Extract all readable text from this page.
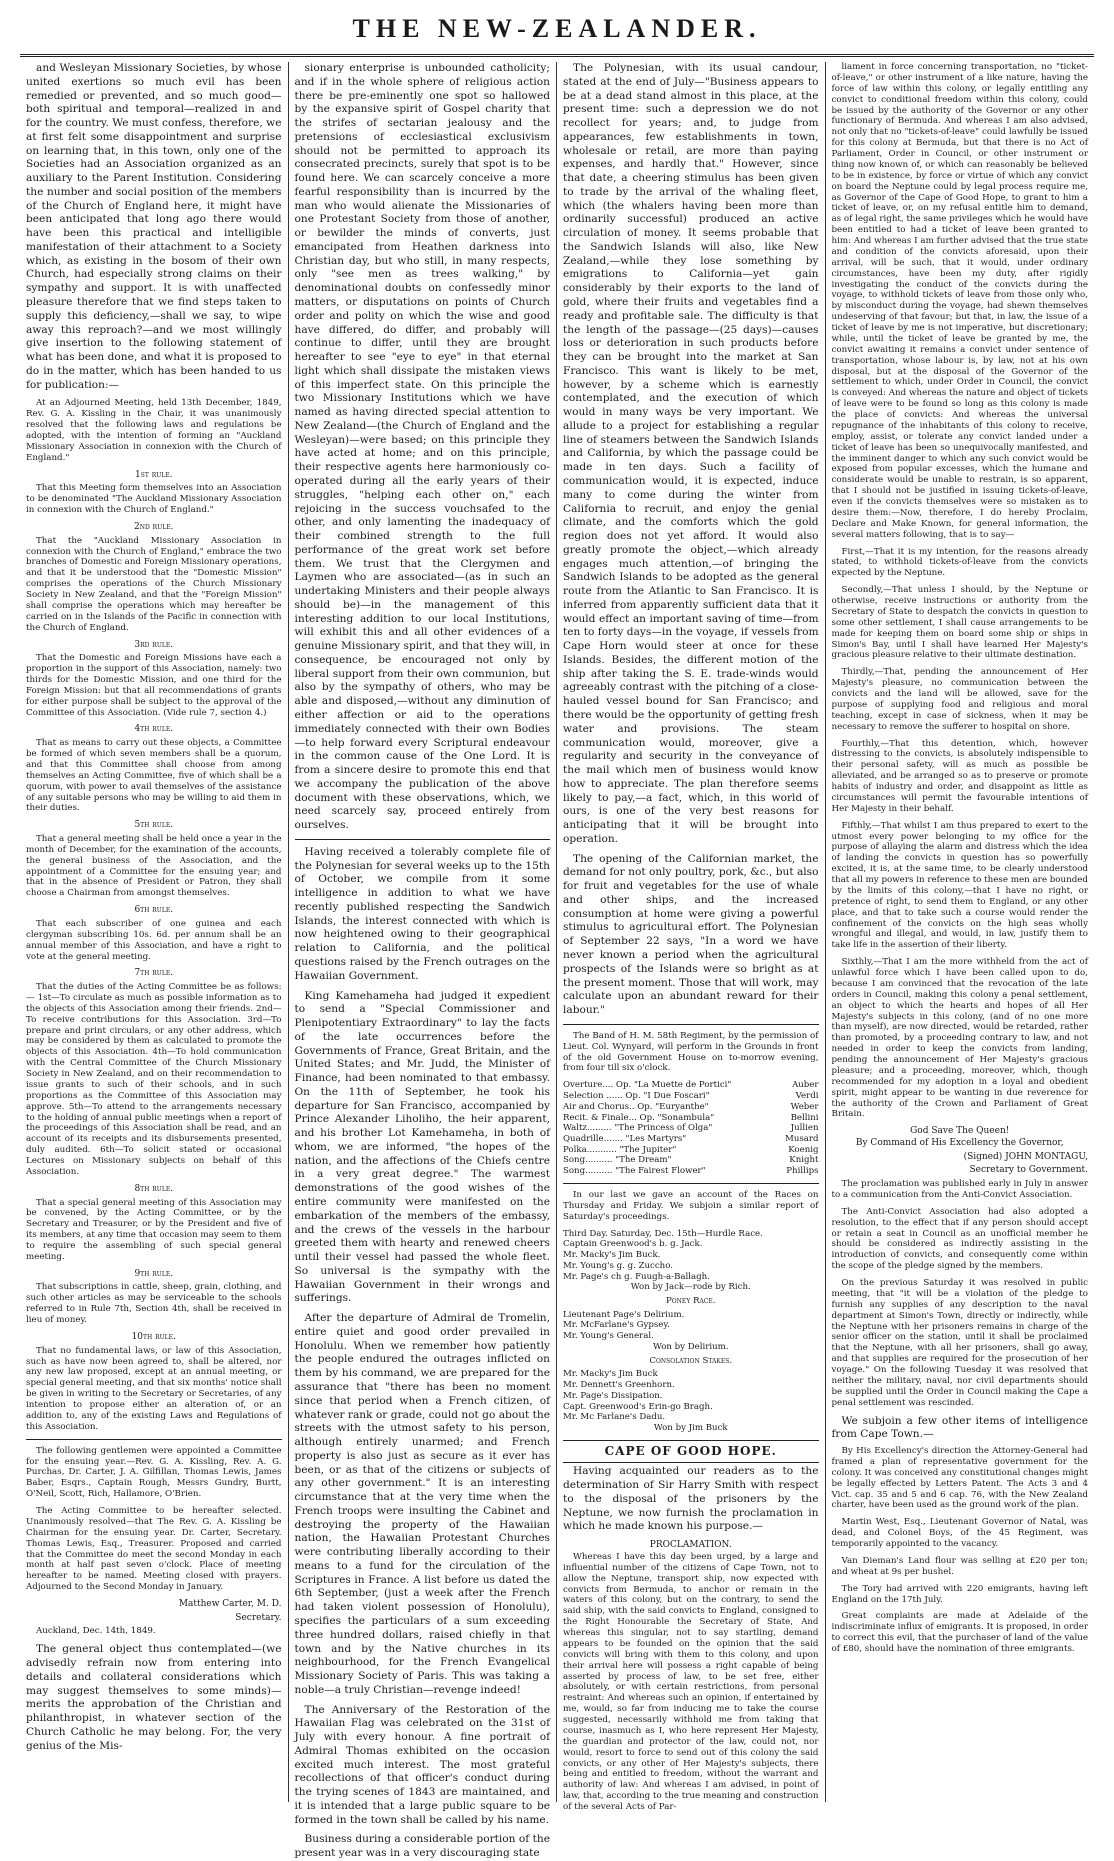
THE NEW-ZEALANDER.

and Wesleyan Missionary Societies, by whose united exertions so much evil has been remedied or prevented, and so much good—both spiritual and temporal—realized in and for the country. We must confess, therefore, we at first felt some disappointment and surprise on learning that, in this town, only one of the Societies had an Association organized as an auxiliary to the Parent Institution. Considering the number and social position of the members of the Church of England here, it might have been anticipated that long ago there would have been this practical and intelligible manifestation of their attachment to a Society which, as existing in the bosom of their own Church, had especially strong claims on their sympathy and support. It is with unaffected pleasure therefore that we find steps taken to supply this deficiency,—shall we say, to wipe away this reproach?—and we most willingly give insertion to the following statement of what has been done, and what it is proposed to do in the matter, which has been handed to us for publication:—

At an Adjourned Meeting, held 13th December, 1849, Rev. G. A. Kissling in the Chair, it was unanimously resolved that the following laws and regulations be adopted, with the intention of forming an "Auckland Missionary Association in connexion with the Church of England."

1st rule.

That this Meeting form themselves into an Association to be denominated "The Auckland Missionary Association in connexion with the Church of England."

2nd rule.

That the "Auckland Missionary Association in connexion with the Church of England," embrace the two branches of Domestic and Foreign Missionary operations, and that it be understood that the "Domestic Mission" comprises the operations of the Church Missionary Society in New Zealand, and that the "Foreign Mission" shall comprise the operations which may hereafter be carried on in the Islands of the Pacific in connection with the Church of England.

3rd rule.

That the Domestic and Foreign Missions have each a proportion in the support of this Association, namely: two thirds for the Domestic Mission, and one third for the Foreign Mission: but that all recommendations of grants for either purpose shall be subject to the approval of the Committee of this Association. (Vide rule 7, section 4.)

4th rule.

That as means to carry out these objects, a Committee be formed of which seven members shall be a quorum, and that this Committee shall choose from among themselves an Acting Committee, five of which shall be a quorum, with power to avail themselves of the assistance of any suitable persons who may be willing to aid them in their duties.

5th rule.

That a general meeting shall be held once a year in the month of December, for the examination of the accounts, the general business of the Association, and the appointment of a Committee for the ensuing year; and that in the absence of President or Patron, they shall choose a Chairman from amongst themselves.

6th rule.

That each subscriber of one guinea and each clergyman subscribing 10s. 6d. per annum shall be an annual member of this Association, and have a right to vote at the general meeting.

7th rule.

That the duties of the Acting Committee be as follows:— 1st—To circulate as much as possible information as to the objects of this Association among their friends. 2nd—To receive contributions for this Association. 3rd—To prepare and print circulars, or any other address, which may be considered by them as calculated to promote the objects of this Association. 4th—To hold communication with the Central Committee of the Church Missionary Society in New Zealand, and on their recommendation to issue grants to such of their schools, and in such proportions as the Committee of this Association may approve. 5th—To attend to the arrangements necessary to the holding of annual public meetings when a report of the proceedings of this Association shall be read, and an account of its receipts and its disbursements presented, duly audited. 6th—To solicit stated or occasional Lectures on Missionary subjects on behalf of this Association.

8th rule.

That a special general meeting of this Association may be convened, by the Acting Committee, or by the Secretary and Treasurer, or by the President and five of its members, at any time that occasion may seem to them to require the assembling of such special general meeting.

9th rule.

That subscriptions in cattle, sheep, grain, clothing, and such other articles as may be serviceable to the schools referred to in Rule 7th, Section 4th, shall be received in lieu of money.

10th rule.

That no fundamental laws, or law of this Association, such as have now been agreed to, shall be altered, nor any new law proposed, except at an annual meeting, or special general meeting, and that six months' notice shall be given in writing to the Secretary or Secretaries, of any intention to propose either an alteration of, or an addition to, any of the existing Laws and Regulations of this Association.

The following gentlemen were appointed a Committee for the ensuing year.—Rev. G. A. Kissling, Rev. A. G. Purchas, Dr. Carter, J. A. Gilfillan, Thomas Lewis, James Baber, Esqrs., Captain Rough, Messrs Gundry, Burtt, O'Neil, Scott, Rich, Hallamore, O'Brien.

The Acting Committee to be hereafter selected. Unanimously resolved—that The Rev. G. A. Kissling be Chairman for the ensuing year. Dr. Carter, Secretary. Thomas Lewis, Esq., Treasurer. Proposed and carried that the Committee do meet the second Monday in each month at half past seven o'clock. Place of meeting hereafter to be named. Meeting closed with prayers. Adjourned to the Second Monday in January.

Matthew Carter, M. D.
Secretary.

Auckland, Dec. 14th, 1849.

The general object thus contemplated—(we advisedly refrain now from entering into details and collateral considerations which may suggest themselves to some minds)—merits the approbation of the Christian and philanthropist, in whatever section of the Church Catholic he may belong. For, the very genius of the Mis-

sionary enterprise is unbounded catholicity; and if in the whole sphere of religious action there be pre-eminently one spot so hallowed by the expansive spirit of Gospel charity that the strifes of sectarian jealousy and the pretensions of ecclesiastical exclusivism should not be permitted to approach its consecrated precincts, surely that spot is to be found here. We can scarcely conceive a more fearful responsibility than is incurred by the man who would alienate the Missionaries of one Protestant Society from those of another, or bewilder the minds of converts, just emancipated from Heathen darkness into Christian day, but who still, in many respects, only "see men as trees walking," by denominational doubts on confessedly minor matters, or disputations on points of Church order and polity on which the wise and good have differed, do differ, and probably will continue to differ, until they are brought hereafter to see "eye to eye" in that eternal light which shall dissipate the mistaken views of this imperfect state. On this principle the two Missionary Institutions which we have named as having directed special attention to New Zealand—(the Church of England and the Wesleyan)—were based; on this principle they have acted at home; and on this principle, their respective agents here harmoniously co-operated during all the early years of their struggles, "helping each other on," each rejoicing in the success vouchsafed to the other, and only lamenting the inadequacy of their combined strength to the full performance of the great work set before them. We trust that the Clergymen and Laymen who are associated—(as in such an undertaking Ministers and their people always should be)—in the management of this interesting addition to our local Institutions, will exhibit this and all other evidences of a genuine Missionary spirit, and that they will, in consequence, be encouraged not only by liberal support from their own communion, but also by the sympathy of others, who may be able and disposed,—without any diminution of either affection or aid to the operations immediately connected with their own Bodies—to help forward every Scriptural endeavour in the common cause of the One Lord. It is from a sincere desire to promote this end that we accompany the publication of the above document with these observations, which, we need scarcely say, proceed entirely from ourselves.

Having received a tolerably complete file of the Polynesian for several weeks up to the 15th of October, we compile from it some intelligence in addition to what we have recently published respecting the Sandwich Islands, the interest connected with which is now heightened owing to their geographical relation to California, and the political questions raised by the French outrages on the Hawaiian Government.

King Kamehameha had judged it expedient to send a "Special Commissioner and Plenipotentiary Extraordinary" to lay the facts of the late occurrences before the Governments of France, Great Britain, and the United States; and Mr. Judd, the Minister of Finance, had been nominated to that embassy. On the 11th of September, he took his departure for San Francisco, accompanied by Prince Alexander Liholiho, the heir apparent, and his brother Lot Kamehameha, in both of whom, we are informed, "the hopes of the nation, and the affections of the Chiefs centre in a very great degree." The warmest demonstrations of the good wishes of the entire community were manifested on the embarkation of the members of the embassy, and the crews of the vessels in the harbour greeted them with hearty and renewed cheers until their vessel had passed the whole fleet. So universal is the sympathy with the Hawaiian Government in their wrongs and sufferings.

After the departure of Admiral de Tromelin, entire quiet and good order prevailed in Honolulu. When we remember how patiently the people endured the outrages inflicted on them by his command, we are prepared for the assurance that "there has been no moment since that period when a French citizen, of whatever rank or grade, could not go about the streets with the utmost safety to his person, although entirely unarmed; and French property is also just as secure as it ever has been, or as that of the citizens or subjects of any other government." It is an interesting circumstance that at the very time when the French troops were insulting the Cabinet and destroying the property of the Hawaiian nation, the Hawaiian Protestant Churches were contributing liberally according to their means to a fund for the circulation of the Scriptures in France. A list before us dated the 6th September, (just a week after the French had taken violent possession of Honolulu), specifies the particulars of a sum exceeding three hundred dollars, raised chiefly in that town and by the Native churches in its neighbourhood, for the French Evangelical Missionary Society of Paris. This was taking a noble—a truly Christian—revenge indeed!

The Anniversary of the Restoration of the Hawaiian Flag was celebrated on the 31st of July with every honour. A fine portrait of Admiral Thomas exhibited on the occasion excited much interest. The most grateful recollections of that officer's conduct during the trying scenes of 1843 are maintained, and it is intended that a large public square to be formed in the town shall be called by his name.

Business during a considerable portion of the present year was in a very discouraging state

The Polynesian, with its usual candour, stated at the end of July—"Business appears to be at a dead stand almost in this place, at the present time: such a depression we do not recollect for years; and, to judge from appearances, few establishments in town, wholesale or retail, are more than paying expenses, and hardly that." However, since that date, a cheering stimulus has been given to trade by the arrival of the whaling fleet, which (the whalers having been more than ordinarily successful) produced an active circulation of money. It seems probable that the Sandwich Islands will also, like New Zealand,—while they lose something by emigrations to California—yet gain considerably by their exports to the land of gold, where their fruits and vegetables find a ready and profitable sale. The difficulty is that the length of the passage—(25 days)—causes loss or deterioration in such products before they can be brought into the market at San Francisco. This want is likely to be met, however, by a scheme which is earnestly contemplated, and the execution of which would in many ways be very important. We allude to a project for establishing a regular line of steamers between the Sandwich Islands and California, by which the passage could be made in ten days. Such a facility of communication would, it is expected, induce many to come during the winter from California to recruit, and enjoy the genial climate, and the comforts which the gold region does not yet afford. It would also greatly promote the object,—which already engages much attention,—of bringing the Sandwich Islands to be adopted as the general route from the Atlantic to San Francisco. It is inferred from apparently sufficient data that it would effect an important saving of time—from ten to forty days—in the voyage, if vessels from Cape Horn would steer at once for these Islands. Besides, the different motion of the ship after taking the S. E. trade-winds would agreeably contrast with the pitching of a close-hauled vessel bound for San Francisco; and there would be the opportunity of getting fresh water and provisions. The steam communication would, moreover, give a regularity and security in the conveyance of the mail which men of business would know how to appreciate. The plan therefore seems likely to pay,—a fact, which, in this world of ours, is one of the very best reasons for anticipating that it will be brought into operation.

The opening of the Californian market, the demand for not only poultry, pork, &c., but also for fruit and vegetables for the use of whale and other ships, and the increased consumption at home were giving a powerful stimulus to agricultural effort. The Polynesian of September 22 says, "In a word we have never known a period when the agricultural prospects of the Islands were so bright as at the present moment. Those that will work, may calculate upon an abundant reward for their labour."

The Band of H. M. 58th Regiment, by the permission of Lieut. Col. Wynyard, will perform in the Grounds in front of the old Government House on to-morrow evening, from four till six o'clock.

Overture.... Op. "La Muette de Portici"	Auber
Selection ...... Op. "I Due Foscari"	Verdi
Air and Chorus.. Op. "Euryanthe"	Weber
Recit. & Finale... Op. "Sonambula"	Bellini
Waltz......... "The Princess of Olga"	Jullien
Quadrille....... "Les Martyrs"	Musard
Polka........... "The Jupiter"	Koenig
Song.......... "The Dream"	Knight
Song.......... "The Fairest Flower"	Phillips

In our last we gave an account of the Races on Thursday and Friday. We subjoin a similar report of Saturday's proceedings.

Third Day. Saturday, Dec. 15th—Hurdle Race.
Captain Greenwood's b. g. Jack.
Mr. Macky's Jim Buck.
Mr. Young's g. g. Zuccho.
Mr. Page's ch g. Fuugh-a-Ballagh.
Won by Jack—rode by Rich.
Poney Race.
Lieutenant Page's Delirium.
Mr. McFarlane's Gypsey.
Mr. Young's General.
Won by Delirium.
Consolation Stakes.
Mr. Macky's Jim Buck
Mr. Dennett's Greenhorn.
Mr. Page's Dissipation.
Capt. Greenwood's Erin-go Bragh.
Mr. Mc Farlane's Dadu.
Won by Jim Buck
CAPE OF GOOD HOPE.

Having acquainted our readers as to the determination of Sir Harry Smith with respect to the disposal of the prisoners by the Neptune, we now furnish the proclamation in which he made known his purpose.—

PROCLAMATION.

Whereas I have this day been urged, by a large and influential number of the citizens of Cape Town, not to allow the Neptune, transport ship, now expected with convicts from Bermuda, to anchor or remain in the waters of this colony, but on the contrary, to send the said ship, with the said convicts to England, consigned to the Right Honourable the Secretary of State, And whereas this singular, not to say startling, demand appears to be founded on the opinion that the said convicts will bring with them to this colony, and upon their arrival here will possess a right capable of being asserted by process of law, to be set free, either absolutely, or with certain restrictions, from personal restraint: And whereas such an opinion, if entertained by me, would, so far from inducing me to take the course suggested, necessarily withhold me from taking that course, inasmuch as I, who here represent Her Majesty, the guardian and protector of the law, could not, nor would, resort to force to send out of this colony the said convicts, or any other of Her Majesty's subjects, there being and entitled to freedom, without the warrant and authority of law: And whereas I am advised, in point of law, that, according to the true meaning and construction of the several Acts of Par-

liament in force concerning transportation, no "ticket-of-leave," or other instrument of a like nature, having the force of law within this colony, or legally entitling any convict to conditional freedom within this colony, could be issued by the authority of the Governor or any other functionary of Bermuda. And whereas I am also advised, not only that no "tickets-of-leave" could lawfully be issued for this colony at Bermuda, but that there is no Act of Parliament, Order in Council, or other instrument or thing now known of, or which can reasonably be believed to be in existence, by force or virtue of which any convict on board the Neptune could by legal process require me, as Governor of the Cape of Good Hope, to grant to him a ticket of leave, or, on my refusal entitle him to demand, as of legal right, the same privileges which he would have been entitled to had a ticket of leave been granted to him: And whereas I am further advised that the true state and condition of the convicts aforesaid, upon their arrival, will be such, that it would, under ordinary circumstances, have been my duty, after rigidly investigating the conduct of the convicts during the voyage, to withhold tickets of leave from those only who, by misconduct during the voyage, had shewn themselves undeserving of that favour; but that, in law, the issue of a ticket of leave by me is not imperative, but discretionary; while, until the ticket of leave be granted by me, the convict awaiting it remains a convict under sentence of transportation, whose labour is, by law, not at his own disposal, but at the disposal of the Governor of the settlement to which, under Order in Council, the convict is conveyed: And whereas the nature and object of tickets of leave were to be found so long as this colony is made the place of convicts: And whereas the universal repugnance of the inhabitants of this colony to receive, employ, assist, or tolerate any convict landed under a ticket of leave has been so unequivocally manifested, and the imminent danger to which any such convict would be exposed from popular excesses, which the humane and considerate would be unable to restrain, is so apparent, that I should not be justified in issuing tickets-of-leave, even if the convicts themselves were so mistaken as to desire them:—Now, therefore, I do hereby Proclaim, Declare and Make Known, for general information, the several matters following, that is to say—

First,—That it is my intention, for the reasons already stated, to withhold tickets-of-leave from the convicts expected by the Neptune.

Secondly,—That unless I should, by the Neptune or otherwise, receive instructions or authority from the Secretary of State to despatch the convicts in question to some other settlement, I shall cause arrangements to be made for keeping them on board some ship or ships in Simon's Bay, until I shall have learned Her Majesty's gracious pleasure relative to their ultimate destination.

Thirdly,—That, pending the announcement of Her Majesty's pleasure, no communication between the convicts and the land will be allowed, save for the purpose of supplying food and religious and moral teaching, except in case of sickness, when it may be necessary to remove the sufferer to hospital on shore.

Fourthly,—That this detention, which, however distressing to the convicts, is absolutely indispensible to their personal safety, will as much as possible be alleviated, and be arranged so as to preserve or promote habits of industry and order, and disappoint as little as circumstances will permit the favourable intentions of Her Majesty in their behalf.

Fifthly,—That whilst I am thus prepared to exert to the utmost every power belonging to my office for the purpose of allaying the alarm and distress which the idea of landing the convicts in question has so powerfully excited, it is, at the same time, to be clearly understood that all my powers in reference to these men are bounded by the limits of this colony,—that I have no right, or pretence of right, to send them to England, or any other place, and that to take such a course would render the confinement of the convicts on the high seas wholly wrongful and illegal, and would, in law, justify them to take life in the assertion of their liberty.

Sixthly,—That I am the more withheld from the act of unlawful force which I have been called upon to do, because I am convinced that the revocation of the late orders in Council, making this colony a penal settlement, an object to which the hearts and hopes of all Her Majesty's subjects in this colony, (and of no one more than myself), are now directed, would be retarded, rather than promoted, by a proceeding contrary to law, and not needed in order to keep the convicts from landing, pending the announcement of Her Majesty's gracious pleasure; and a proceeding, moreover, which, though recommended for my adoption in a loyal and obedient spirit, might appear to be wanting in due reverence for the authority of the Crown and Parliament of Great Britain.

God Save The Queen!
By Command of His Excellency the Governor,
(Signed) JOHN MONTAGU,
Secretary to Government.

The proclamation was published early in July in answer to a communication from the Anti-Convict Association.

The Anti-Convict Association had also adopted a resolution, to the effect that if any person should accept or retain a seat in Council as an unofficial member he should be considered as indirectly assisting in the introduction of convicts, and consequently come within the scope of the pledge signed by the members.

On the previous Saturday it was resolved in public meeting, that "it will be a violation of the pledge to furnish any supplies of any description to the naval department at Simon's Town, directly or indirectly, while the Neptune with her prisoners remains in charge of the senior officer on the station, until it shall be proclaimed that the Neptune, with all her prisoners, shall go away, and that supplies are required for the prosecution of her voyage." On the following Tuesday it was resolved that neither the military, naval, nor civil departments should be supplied until the Order in Council making the Cape a penal settlement was rescinded.

We subjoin a few other items of intelligence from Cape Town.—

By His Excellency's direction the Attorney-General had framed a plan of representative government for the colony. It was conceived any constitutional changes might be legally effected by Letters Patent. The Acts 3 and 4 Vict. cap. 35 and 5 and 6 cap. 76, with the New Zealand charter, have been used as the ground work of the plan.

Martin West, Esq., Lieutenant Governor of Natal, was dead, and Colonel Boys, of the 45 Regiment, was temporarily appointed to the vacancy.

Van Dieman's Land flour was selling at £20 per ton; and wheat at 9s per bushel.

The Tory had arrived with 220 emigrants, having left England on the 17th July.

Great complaints are made at Adelaide of the indiscriminate influx of emigrants. It is proposed, in order to correct this evil, that the purchaser of land of the value of £80, should have the nomination of three emigrants.
